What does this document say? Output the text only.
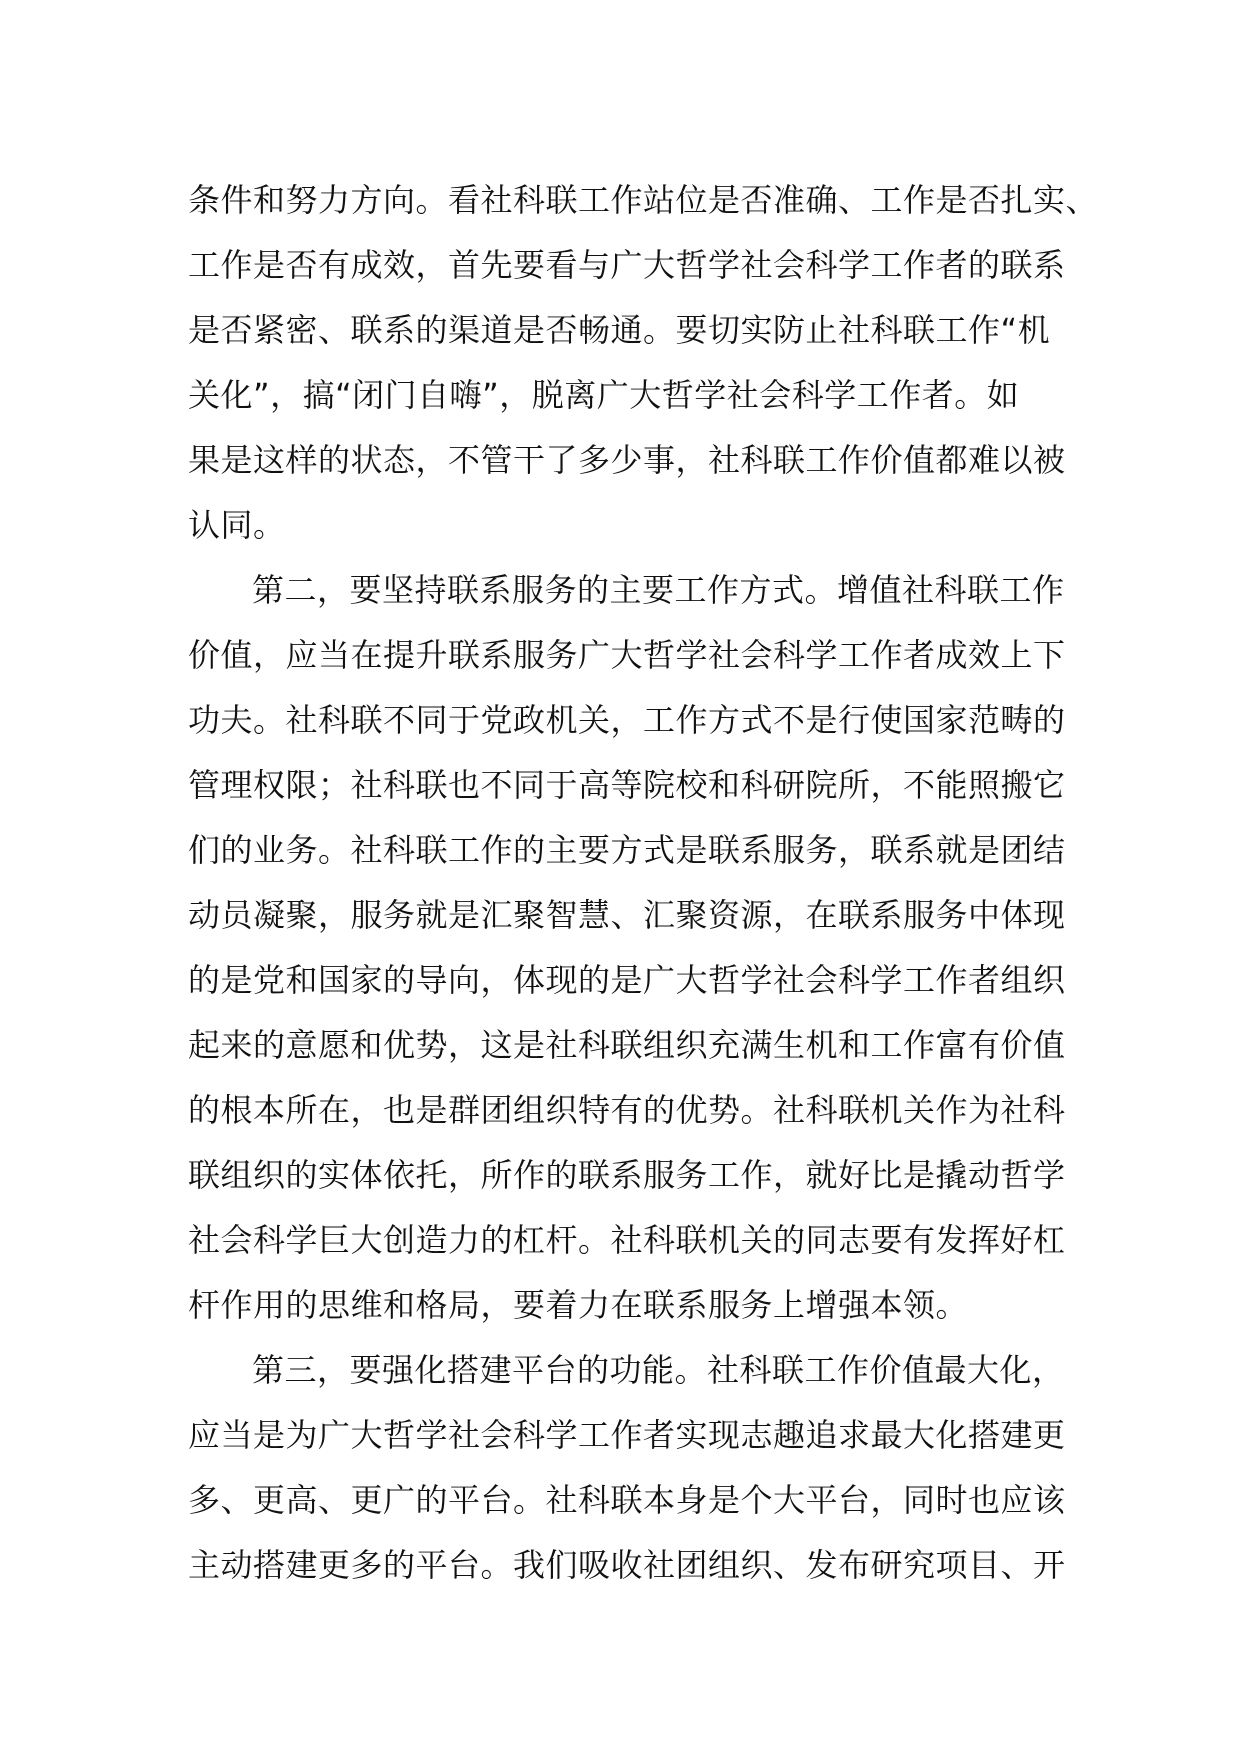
条件和努力方向。看社科联工作站位是否准确、工作是否扎实、
工作是否有成效，首先要看与广大哲学社会科学工作者的联系
是否紧密、联系的渠道是否畅通。要切实防止社科联工作“机
关化”，搞“闭门自嗨”，脱离广大哲学社会科学工作者。如
果是这样的状态，不管干了多少事，社科联工作价值都难以被
认同。
第二，要坚持联系服务的主要工作方式。增值社科联工作
价值，应当在提升联系服务广大哲学社会科学工作者成效上下
功夫。社科联不同于党政机关，工作方式不是行使国家范畴的
管理权限；社科联也不同于高等院校和科研院所，不能照搬它
们的业务。社科联工作的主要方式是联系服务，联系就是团结
动员凝聚，服务就是汇聚智慧、汇聚资源，在联系服务中体现
的是党和国家的导向，体现的是广大哲学社会科学工作者组织
起来的意愿和优势，这是社科联组织充满生机和工作富有价值
的根本所在，也是群团组织特有的优势。社科联机关作为社科
联组织的实体依托，所作的联系服务工作，就好比是撬动哲学
社会科学巨大创造力的杠杆。社科联机关的同志要有发挥好杠
杆作用的思维和格局，要着力在联系服务上增强本领。
第三，要强化搭建平台的功能。社科联工作价值最大化，
应当是为广大哲学社会科学工作者实现志趣追求最大化搭建更
多、更高、更广的平台。社科联本身是个大平台，同时也应该
主动搭建更多的平台。我们吸收社团组织、发布研究项目、开
